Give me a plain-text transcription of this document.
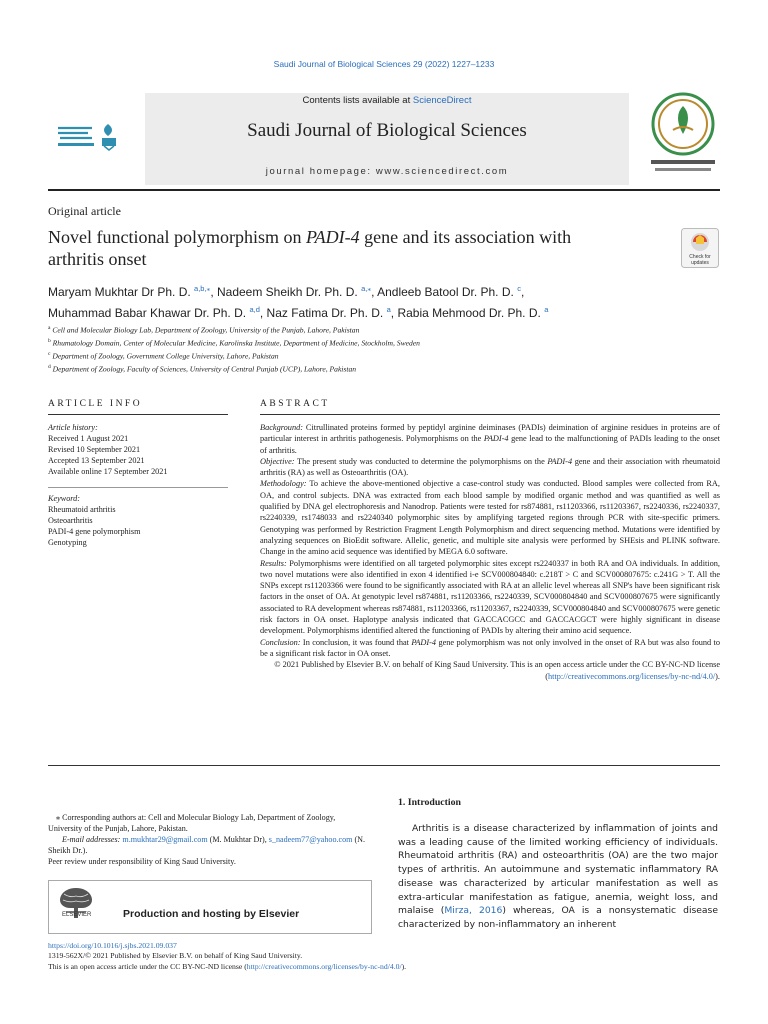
Saudi Journal of Biological Sciences 29 (2022) 1227–1233
Contents lists available at ScienceDirect
Saudi Journal of Biological Sciences
journal homepage: www.sciencedirect.com
Original article
Novel functional polymorphism on PADI-4 gene and its association with arthritis onset	Check for
updates
Maryam Mukhtar Dr Ph. D. $^{a,b,⁎}$, Nadeem Sheikh Dr. Ph. D. $^{a,⁎}$, Andleeb Batool Dr. Ph. D. $^c$,
Muhammad Babar Khawar Dr. Ph. D. $^{a,d}$, Naz Fatima Dr. Ph. D. $^a$, Rabia Mehmood Dr. Ph. D. $^a$
$^a$ Cell and Molecular Biology Lab, Department of Zoology, University of the Punjab, Lahore, Pakistan
$^b$ Rhumatology Domain, Center of Molecular Medicine, Karolinska Institute, Department of Medicine, Stockholm, Sweden
$^c$ Department of Zoology, Government College University, Lahore, Pakistan
$^d$ Department of Zoology, Faculty of Sciences, University of Central Punjab (UCP), Lahore, Pakistan
ARTICLE INFO
Article history:
Received 1 August 2021
Revised 10 September 2021
Accepted 13 September 2021
Available online 17 September 2021
Keyword:
Rheumatoid arthritis
Osteoarthritis
PADI-4 gene polymorphism
Genotyping
ABSTRACT

Background: Citrullinated proteins formed by peptidyl arginine deiminases (PADIs) deimination of arginine residues in proteins are of particular interest in arthritis pathogenesis. Polymorphisms on the PADI-4 gene lead to the malfunctioning of PADIs leading to the onset of arthritis.

Objective: The present study was conducted to determine the polymorphisms on the PADI-4 gene and their association with rheumatoid arthritis (RA) as well as Osteoarthritis (OA).

Methodology: To achieve the above-mentioned objective a case-control study was conducted. Blood samples were collected from RA, OA, and control subjects. DNA was extracted from each blood sample by modified organic method and was quantified as well as qualified by DNA gel electrophoresis and Nanodrop. Patients were tested for rs874881, rs11203366, rs11203367, rs2240336, rs2240337, rs2240339, rs1748033 and rs2240340 polymorphic sites by amplifying targeted regions through PCR with site-specific primers. Genotyping was performed by Restriction Fragment Length Polymorphism and direct sequencing method. Mutations were identified by analyzing sequences on BioEdit software. Allelic, genetic, and multiple site analysis were performed by SHEsis and PLINK software. Change in the amino acid sequence was identified by MEGA 6.0 software.

Results: Polymorphisms were identified on all targeted polymorphic sites except rs2240337 in both RA and OA individuals. In addition, two novel mutations were also identified in exon 4 identified i-e SCV000804840: c.218T > C and SCV000807675: c.241G > T. All the SNPs except rs11203366 were found to be significantly associated with RA at an allelic level whereas all SNP's have been significant risk factors in the onset of OA. At genotypic level rs874881, rs11203366, rs2240339, SCV000804840 and SCV000807675 were significantly associated to RA development whereas rs874881, rs11203366, rs11203367, rs2240339, SCV000804840 and SCV000807675 were genetic risk factors in OA onset. Haplotype analysis indicated that GACCACGCC and GACCACGCT were highly significant in disease development. Polymorphisms identified altered the functioning of PADIs by altering their amino acid sequence.

Conclusion: In conclusion, it was found that PADI-4 gene polymorphism was not only involved in the onset of RA but was also found to be a significant risk factor in OA onset.

© 2021 Published by Elsevier B.V. on behalf of King Saud University. This is an open access article under the CC BY-NC-ND license (http://creativecommons.org/licenses/by-nc-nd/4.0/).

⁎ Corresponding authors at: Cell and Molecular Biology Lab, Department of Zoology, University of the Punjab, Lahore, Pakistan.

E-mail addresses: m.mukhtar29@gmail.com (M. Mukhtar Dr), s_nadeem77@yahoo.com (N. Sheikh Dr.).

Peer review under responsibility of King Saud University.

ELSEVIER	Production and hosting by Elsevier
1. Introduction

Arthritis is a disease characterized by inflammation of joints and was a leading cause of the limited working efficiency of individuals. Rheumatoid arthritis (RA) and osteoarthritis (OA) are the two major types of arthritis. An autoimmune and systematic inflammatory RA disease was characterized by articular manifestation as well as extra-articular manifestation as fatigue, anemia, weight loss, and malaise (Mirza, 2016) whereas, OA is a nonsystematic disease characterized by non-inflammatory an inherent

https://doi.org/10.1016/j.sjbs.2021.09.037

1319-562X/© 2021 Published by Elsevier B.V. on behalf of King Saud University.

This is an open access article under the CC BY-NC-ND license (http://creativecommons.org/licenses/by-nc-nd/4.0/).
